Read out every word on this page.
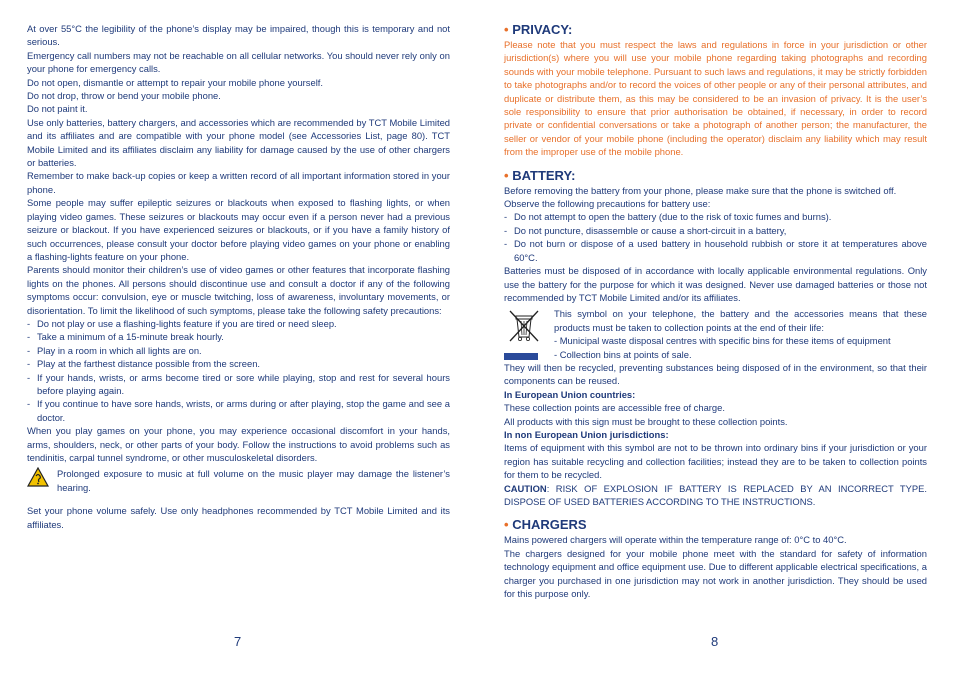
At over 55°C the legibility of the phone’s display may be impaired, though this is temporary and not serious.

Emergency call numbers may not be reachable on all cellular networks. You should never rely only on your phone for emergency calls.

Do not open, dismantle or attempt to repair your mobile phone yourself.

Do not drop, throw or bend your mobile phone.

Do not paint it.

Use only batteries, battery chargers, and accessories which are recommended by TCT Mobile Limited and its affiliates and are compatible with your phone model (see Accessories List, page 80). TCT Mobile Limited and its affiliates disclaim any liability for damage caused by the use of other chargers or batteries.

Remember to make back-up copies or keep a written record of all important information stored in your phone.

Some people may suffer epileptic seizures or blackouts when exposed to flashing lights, or when playing video games. These seizures or blackouts may occur even if a person never had a previous seizure or blackout. If you have experienced seizures or blackouts, or if you have a family history of such occurrences, please consult your doctor before playing video games on your phone or enabling a flashing-lights feature on your phone.

Parents should monitor their children’s use of video games or other features that incorporate flashing lights on the phones. All persons should discontinue use and consult a doctor if any of the following symptoms occur: convulsion, eye or muscle twitching, loss of awareness, involuntary movements, or disorientation. To limit the likelihood of such symptoms, please take the following safety precautions:

- Do not play or use a flashing-lights feature if you are tired or need sleep.

- Take a minimum of a 15-minute break hourly.

- Play in a room in which all lights are on.

- Play at the farthest distance possible from the screen.

- If your hands, wrists, or arms become tired or sore while playing, stop and rest for several hours before playing again.

- If you continue to have sore hands, wrists, or arms during or after playing, stop the game and see a doctor.

When you play games on your phone, you may experience occasional discomfort in your hands, arms, shoulders, neck, or other parts of your body. Follow the instructions to avoid problems such as tendinitis, carpal tunnel syndrome, or other musculoskeletal disorders.

Prolonged exposure to music at full volume on the music player may damage the listener’s hearing.

Set your phone volume safely. Use only headphones recommended by TCT Mobile Limited and its affiliates.

• PRIVACY:

Please note that you must respect the laws and regulations in force in your jurisdiction or other jurisdiction(s) where you will use your mobile phone regarding taking photographs and recording sounds with your mobile telephone. Pursuant to such laws and regulations, it may be strictly forbidden to take photographs and/or to record the voices of other people or any of their personal attributes, and duplicate or distribute them, as this may be considered to be an invasion of privacy. It is the user’s sole responsibility to ensure that prior authorisation be obtained, if necessary, in order to record private or confidential conversations or take a photograph of another person; the manufacturer, the seller or vendor of your mobile phone (including the operator) disclaim any liability which may result from the improper use of the mobile phone.

• BATTERY:

Before removing the battery from your phone, please make sure that the phone is switched off.

Observe the following precautions for battery use:

- Do not attempt to open the battery (due to the risk of toxic fumes and burns).

- Do not puncture, disassemble or cause a short-circuit in a battery,

- Do not burn or dispose of a used battery in household rubbish or store it at temperatures above 60°C.

Batteries must be disposed of in accordance with locally applicable environmental regulations. Only use the battery for the purpose for which it was designed. Never use damaged batteries or those not recommended by TCT Mobile Limited and/or its affiliates.

This symbol on your telephone, the battery and the accessories means that these products must be taken to collection points at the end of their life:

- Municipal waste disposal centres with specific bins for these items of equipment

- Collection bins at points of sale.

They will then be recycled, preventing substances being disposed of in the environment, so that their components can be reused.

In European Union countries:

These collection points are accessible free of charge.

All products with this sign must be brought to these collection points.

In non European Union jurisdictions:

Items of equipment with this symbol are not to be thrown into ordinary bins if your jurisdiction or your region has suitable recycling and collection facilities; instead they are to be taken to collection points for them to be recycled.

CAUTION: RISK OF EXPLOSION IF BATTERY IS REPLACED BY AN INCORRECT TYPE. DISPOSE OF USED BATTERIES ACCORDING TO THE INSTRUCTIONS.

• CHARGERS

Mains powered chargers will operate within the temperature range of: 0°C to 40°C.

The chargers designed for your mobile phone meet with the standard for safety of information technology equipment and office equipment use. Due to different applicable electrical specifications, a charger you purchased in one jurisdiction may not work in another jurisdiction. They should be used for this purpose only.

7	8
